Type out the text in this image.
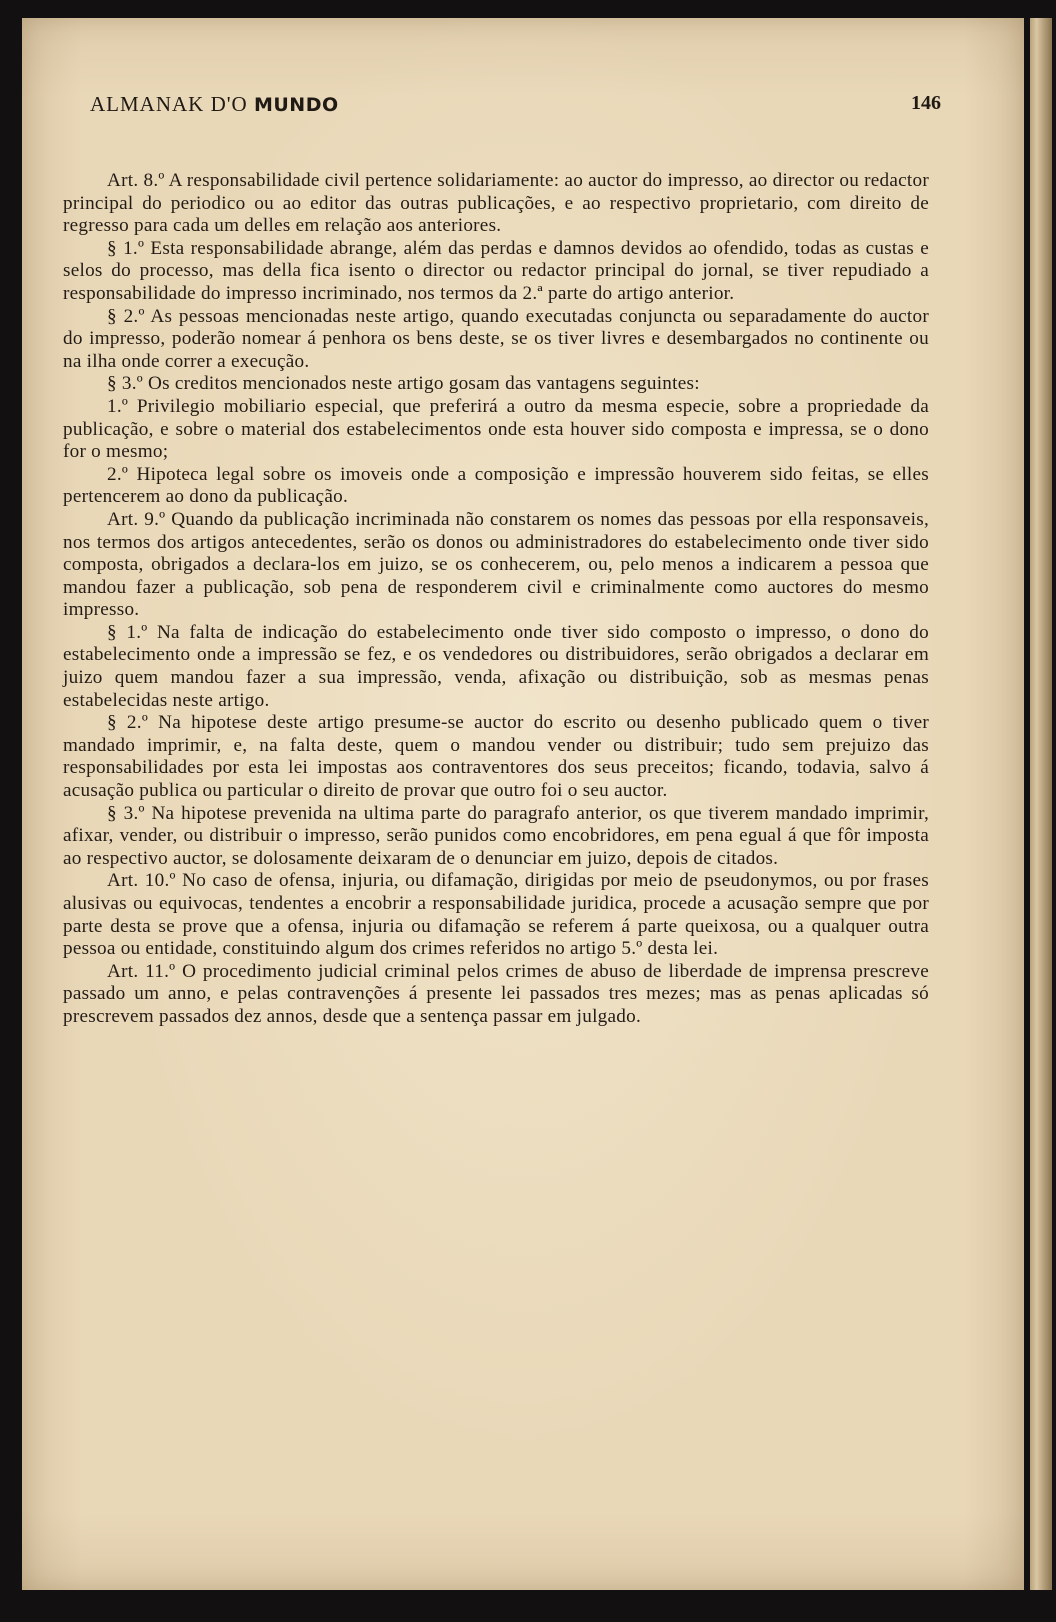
ALMANAK D'O MUNDO	146

Art. 8.º A responsabilidade civil pertence solidariamente: ao auctor do impresso, ao director ou redactor principal do periodico ou ao editor das outras publicações, e ao respectivo proprietario, com direito de regresso para cada um delles em relação aos anteriores.

§ 1.º Esta responsabilidade abrange, além das perdas e damnos devidos ao ofendido, todas as custas e selos do processo, mas della fica isento o director ou redactor principal do jornal, se tiver repudiado a responsabilidade do impresso incriminado, nos termos da 2.ª parte do artigo anterior.

§ 2.º As pessoas mencionadas neste artigo, quando executadas conjuncta ou separadamente do auctor do impresso, poderão nomear á penhora os bens deste, se os tiver livres e desembargados no continente ou na ilha onde correr a execução.

§ 3.º Os creditos mencionados neste artigo gosam das vantagens seguintes:

1.º Privilegio mobiliario especial, que preferirá a outro da mesma especie, sobre a propriedade da publicação, e sobre o material dos estabelecimentos onde esta houver sido composta e impressa, se o dono for o mesmo;

2.º Hipoteca legal sobre os imoveis onde a composição e impressão houverem sido feitas, se elles pertencerem ao dono da publicação.

Art. 9.º Quando da publicação incriminada não constarem os nomes das pessoas por ella responsaveis, nos termos dos artigos antecedentes, serão os donos ou administradores do estabelecimento onde tiver sido composta, obrigados a declara-los em juizo, se os conhecerem, ou, pelo menos a indicarem a pessoa que mandou fazer a publicação, sob pena de responderem civil e criminalmente como auctores do mesmo impresso.

§ 1.º Na falta de indicação do estabelecimento onde tiver sido composto o impresso, o dono do estabelecimento onde a impressão se fez, e os vendedores ou distribuidores, serão obrigados a declarar em juizo quem mandou fazer a sua impressão, venda, afixação ou distribuição, sob as mesmas penas estabelecidas neste artigo.

§ 2.º Na hipotese deste artigo presume-se auctor do escrito ou desenho publicado quem o tiver mandado imprimir, e, na falta deste, quem o mandou vender ou distribuir; tudo sem prejuizo das responsabilidades por esta lei impostas aos contraventores dos seus preceitos; ficando, todavia, salvo á acusação publica ou particular o direito de provar que outro foi o seu auctor.

§ 3.º Na hipotese prevenida na ultima parte do paragrafo anterior, os que tiverem mandado imprimir, afixar, vender, ou distribuir o impresso, serão punidos como encobridores, em pena egual á que fôr imposta ao respectivo auctor, se dolosamente deixaram de o denunciar em juizo, depois de citados.

Art. 10.º No caso de ofensa, injuria, ou difamação, dirigidas por meio de pseudonymos, ou por frases alusivas ou equivocas, tendentes a encobrir a responsabilidade juridica, procede a acusação sempre que por parte desta se prove que a ofensa, injuria ou difamação se referem á parte queixosa, ou a qualquer outra pessoa ou entidade, constituindo algum dos crimes referidos no artigo 5.º desta lei.

Art. 11.º O procedimento judicial criminal pelos crimes de abuso de liberdade de imprensa prescreve passado um anno, e pelas contravenções á presente lei passados tres mezes; mas as penas aplicadas só prescrevem passados dez annos, desde que a sentença passar em julgado.
